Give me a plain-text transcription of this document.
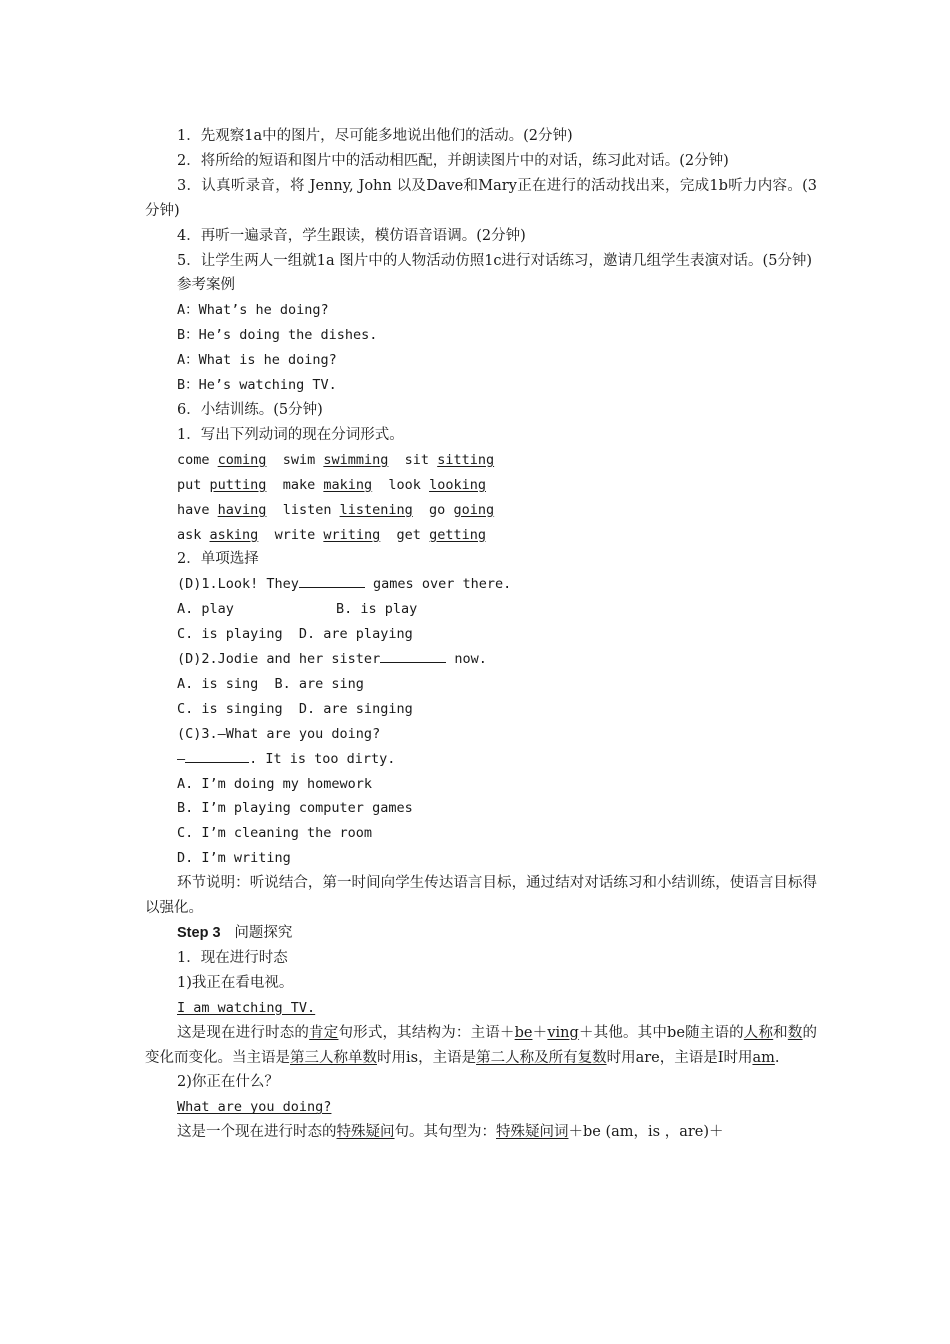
1．先观察1a中的图片，尽可能多地说出他们的活动。(2分钟)

2．将所给的短语和图片中的活动相匹配，并朗读图片中的对话，练习此对话。(2分钟)

3．认真听录音，将 Jenny, John 以及Dave和Mary正在进行的活动找出来，完成1b听力内容。(3分钟)

4．再听一遍录音，学生跟读，模仿语音语调。(2分钟)

5．让学生两人一组就1a 图片中的人物活动仿照1c进行对话练习，邀请几组学生表演对话。(5分钟)

参考案例

A：What’s he doing?

B：He’s doing the dishes.

A：What is he doing?

B：He’s watching TV.

6．小结训练。(5分钟)

1．写出下列动词的现在分词形式。

come coming swim swimming sit sitting

put putting make making look looking

have having listen listening go going

ask asking write writing get getting

2．单项选择

(D)1.Look! They	games over there.

A. play	B. is play

C. is playing  D. are playing

(D)2.Jodie and her sister	now.

A. is sing  B. are sing

C. is singing  D. are singing

(C)3.—What are you doing?

—	. It is too dirty.

A. I’m doing my homework

B. I’m playing computer games

C. I’m cleaning the room

D. I’m writing

环节说明：听说结合，第一时间向学生传达语言目标，通过结对对话练习和小结训练，使语言目标得以强化。

Step 3 问题探究

1．现在进行时态

1)我正在看电视。

I am watching TV.

这是现在进行时态的肯定句形式，其结构为：主语＋be＋ving＋其他。其中be随主语的人称和数的变化而变化。当主语是第三人称单数时用is，主语是第二人称及所有复数时用are，主语是I时用am.

2)你正在什么？

What are you doing?

这是一个现在进行时态的特殊疑问句。其句型为：特殊疑问词＋be (am，is ，are)＋
